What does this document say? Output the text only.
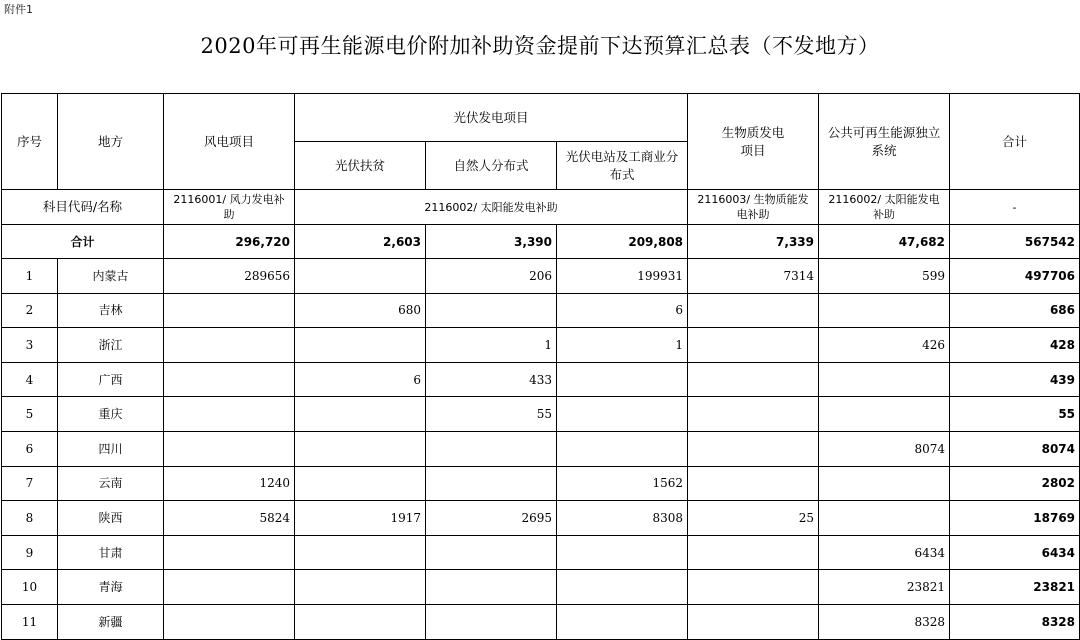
附件1
2020年可再生能源电价附加补助资金提前下达预算汇总表（不发地方）
序号	地方	风电项目	光伏发电项目			生物质发电项目	公共可再生能源独立系统	合计
			光伏扶贫	自然人分布式	光伏电站及工商业分布式			
科目代码/名称		2116001/ 风力发电补助	2116002/ 太阳能发电补助			2116003/ 生物质能发电补助	2116002/ 太阳能发电补助	-
合计		296,720	2,603	3,390	209,808	7,339	47,682	567542
1	内蒙古	289656		206	199931	7314	599	497706
2	吉林		680		6			686
3	浙江			1	1		426	428
4	广西		6	433				439
5	重庆			55				55
6	四川						8074	8074
7	云南	1240			1562			2802
8	陕西	5824	1917	2695	8308	25		18769
9	甘肃						6434	6434
10	青海						23821	23821
11	新疆						8328	8328
